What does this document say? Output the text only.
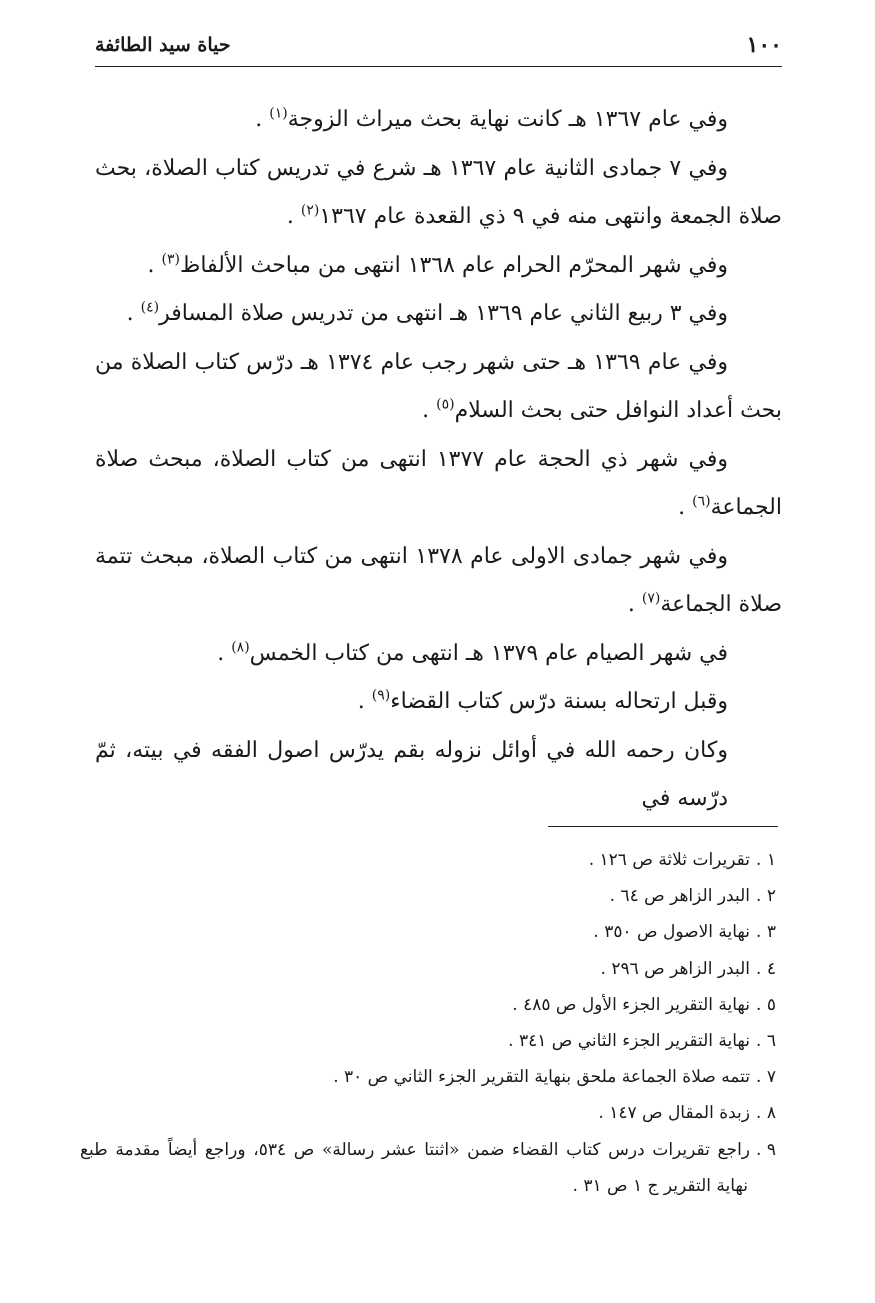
١٠٠
حياة سيد الطائفة

وفي عام ١٣٦٧ هـ كانت نهاية بحث ميراث الزوجة$^{(١)}$ .

وفي ٧ جمادى الثانية عام ١٣٦٧ هـ شرع في تدريس كتاب الصلاة، بحث صلاة الجمعة وانتهى منه في ٩ ذي القعدة عام ١٣٦٧$^{(٢)}$ .

وفي شهر المحرّم الحرام عام ١٣٦٨ انتهى من مباحث الألفاظ$^{(٣)}$ .

وفي ٣ ربيع الثاني عام ١٣٦٩ هـ انتهى من تدريس صلاة المسافر$^{(٤)}$ .

وفي عام ١٣٦٩ هـ حتى شهر رجب عام ١٣٧٤ هـ درّس كتاب الصلاة من بحث أعداد النوافل حتى بحث السلام$^{(٥)}$ .

وفي شهر ذي الحجة عام ١٣٧٧ انتهى من كتاب الصلاة، مبحث صلاة الجماعة$^{(٦)}$ .

وفي شهر جمادى الاولى عام ١٣٧٨ انتهى من كتاب الصلاة، مبحث تتمة صلاة الجماعة$^{(٧)}$ .

في شهر الصيام عام ١٣٧٩ هـ انتهى من كتاب الخمس$^{(٨)}$ .

وقبل ارتحاله بسنة درّس كتاب القضاء$^{(٩)}$ .

وكان رحمه الله في أوائل نزوله بقم يدرّس اصول الفقه في بيته، ثمّ درّسه في

١ .تقريرات ثلاثة ص ١٢٦ .

٢ .البدر الزاهر ص ٦٤ .

٣ .نهاية الاصول ص ٣٥٠ .

٤ .البدر الزاهر ص ٢٩٦ .

٥ .نهاية التقرير الجزء الأول ص ٤٨٥ .

٦ .نهاية التقرير الجزء الثاني ص ٣٤١ .

٧ .تتمه صلاة الجماعة ملحق بنهاية التقرير الجزء الثاني ص ٣٠ .

٨ .زبدة المقال ص ١٤٧ .

٩ .راجع تقريرات درس كتاب القضاء ضمن «اثنتا عشر رسالة» ص ٥٣٤، وراجع أيضاً مقدمة طبع نهاية التقرير ج ١ ص ٣١ .
